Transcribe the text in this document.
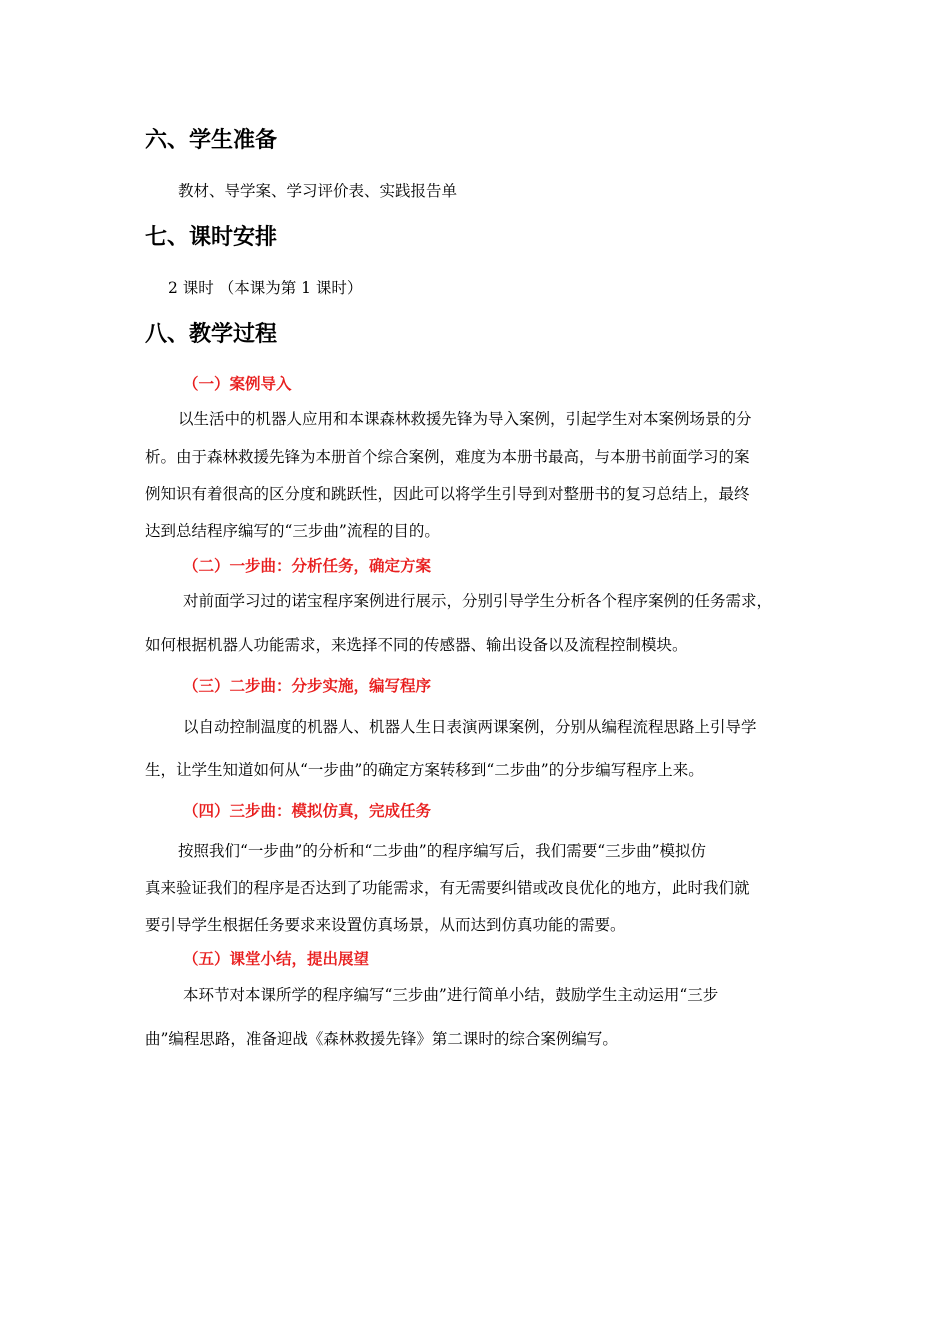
六、学生准备

教材、导学案、学习评价表、实践报告单

七、课时安排

2 课时 （本课为第 1 课时）

八、教学过程

（一）案例导入

以生活中的机器人应用和本课森林救援先锋为导入案例，引起学生对本案例场景的分

析。由于森林救援先锋为本册首个综合案例，难度为本册书最高，与本册书前面学习的案

例知识有着很高的区分度和跳跃性，因此可以将学生引导到对整册书的复习总结上，最终

达到总结程序编写的“三步曲”流程的目的。

（二）一步曲：分析任务，确定方案

对前面学习过的诺宝程序案例进行展示，分别引导学生分析各个程序案例的任务需求，

如何根据机器人功能需求，来选择不同的传感器、输出设备以及流程控制模块。

（三）二步曲：分步实施，编写程序

以自动控制温度的机器人、机器人生日表演两课案例，分别从编程流程思路上引导学

生，让学生知道如何从“一步曲”的确定方案转移到“二步曲”的分步编写程序上来。

（四）三步曲：模拟仿真，完成任务

按照我们“一步曲”的分析和“二步曲”的程序编写后，我们需要“三步曲”模拟仿

真来验证我们的程序是否达到了功能需求，有无需要纠错或改良优化的地方，此时我们就

要引导学生根据任务要求来设置仿真场景，从而达到仿真功能的需要。

（五）课堂小结，提出展望

本环节对本课所学的程序编写“三步曲”进行简单小结，鼓励学生主动运用“三步

曲”编程思路，准备迎战《森林救援先锋》第二课时的综合案例编写。
